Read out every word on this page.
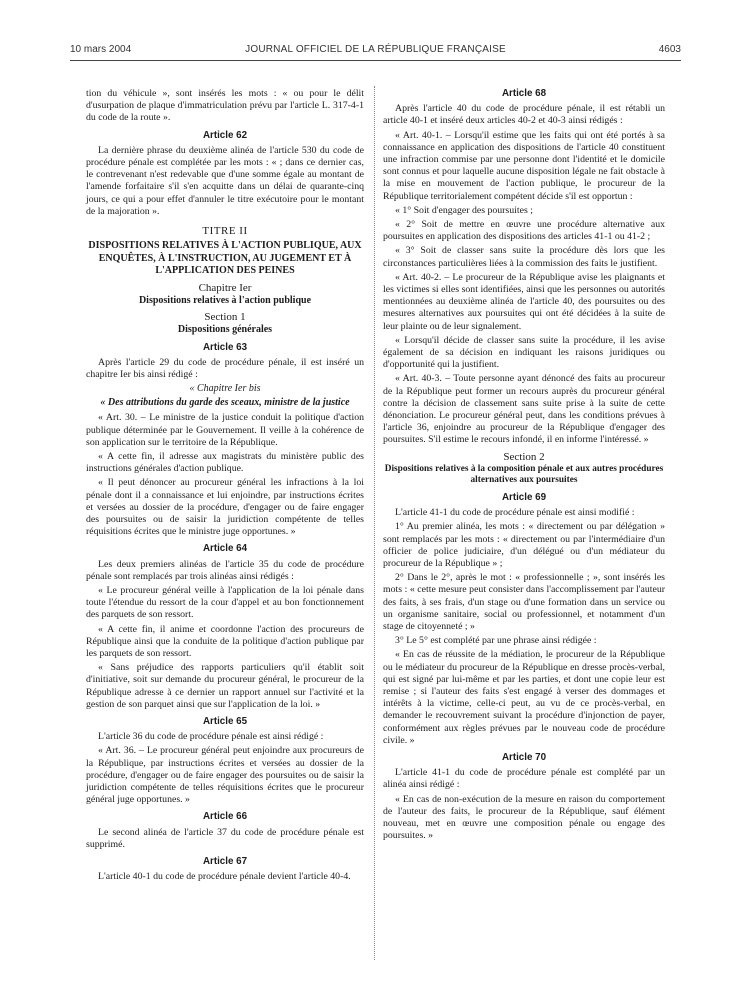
10 mars 2004	JOURNAL OFFICIEL DE LA RÉPUBLIQUE FRANÇAISE	4603

tion du véhicule », sont insérés les mots : « ou pour le délit d'usurpation de plaque d'immatriculation prévu par l'article L. 317-4-1 du code de la route ».

Article 62

La dernière phrase du deuxième alinéa de l'article 530 du code de procédure pénale est complétée par les mots : « ; dans ce dernier cas, le contrevenant n'est redevable que d'une somme égale au montant de l'amende forfaitaire s'il s'en acquitte dans un délai de quarante-cinq jours, ce qui a pour effet d'annuler le titre exécutoire pour le montant de la majoration ».

TITRE II
DISPOSITIONS RELATIVES À L'ACTION PUBLIQUE, AUX ENQUÊTES, À L'INSTRUCTION, AU JUGEMENT ET À L'APPLICATION DES PEINES
Chapitre Ier
Dispositions relatives à l'action publique
Section 1
Dispositions générales
Article 63

Après l'article 29 du code de procédure pénale, il est inséré un chapitre Ier bis ainsi rédigé :

« Chapitre Ier bis
« Des attributions du garde des sceaux, ministre de la justice

« Art. 30. – Le ministre de la justice conduit la politique d'action publique déterminée par le Gouvernement. Il veille à la cohérence de son application sur le territoire de la République.

« A cette fin, il adresse aux magistrats du ministère public des instructions générales d'action publique.

« Il peut dénoncer au procureur général les infractions à la loi pénale dont il a connaissance et lui enjoindre, par instructions écrites et versées au dossier de la procédure, d'engager ou de faire engager des poursuites ou de saisir la juridiction compétente de telles réquisitions écrites que le ministre juge opportunes. »

Article 64

Les deux premiers alinéas de l'article 35 du code de procédure pénale sont remplacés par trois alinéas ainsi rédigés :

« Le procureur général veille à l'application de la loi pénale dans toute l'étendue du ressort de la cour d'appel et au bon fonctionnement des parquets de son ressort.

« A cette fin, il anime et coordonne l'action des procureurs de République ainsi que la conduite de la politique d'action publique par les parquets de son ressort.

« Sans préjudice des rapports particuliers qu'il établit soit d'initiative, soit sur demande du procureur général, le procureur de la République adresse à ce dernier un rapport annuel sur l'activité et la gestion de son parquet ainsi que sur l'application de la loi. »

Article 65

L'article 36 du code de procédure pénale est ainsi rédigé :

« Art. 36. – Le procureur général peut enjoindre aux procureurs de la République, par instructions écrites et versées au dossier de la procédure, d'engager ou de faire engager des poursuites ou de saisir la juridiction compétente de telles réquisitions écrites que le procureur général juge opportunes. »

Article 66

Le second alinéa de l'article 37 du code de procédure pénale est supprimé.

Article 67

L'article 40-1 du code de procédure pénale devient l'article 40-4.

Article 68

Après l'article 40 du code de procédure pénale, il est rétabli un article 40-1 et inséré deux articles 40-2 et 40-3 ainsi rédigés :

« Art. 40-1. – Lorsqu'il estime que les faits qui ont été portés à sa connaissance en application des dispositions de l'article 40 constituent une infraction commise par une personne dont l'identité et le domicile sont connus et pour laquelle aucune disposition légale ne fait obstacle à la mise en mouvement de l'action publique, le procureur de la République territorialement compétent décide s'il est opportun :

« 1° Soit d'engager des poursuites ;

« 2° Soit de mettre en œuvre une procédure alternative aux poursuites en application des dispositions des articles 41-1 ou 41-2 ;

« 3° Soit de classer sans suite la procédure dès lors que les circonstances particulières liées à la commission des faits le justifient.

« Art. 40-2. – Le procureur de la République avise les plaignants et les victimes si elles sont identifiées, ainsi que les personnes ou autorités mentionnées au deuxième alinéa de l'article 40, des poursuites ou des mesures alternatives aux poursuites qui ont été décidées à la suite de leur plainte ou de leur signalement.

« Lorsqu'il décide de classer sans suite la procédure, il les avise également de sa décision en indiquant les raisons juridiques ou d'opportunité qui la justifient.

« Art. 40-3. – Toute personne ayant dénoncé des faits au procureur de la République peut former un recours auprès du procureur général contre la décision de classement sans suite prise à la suite de cette dénonciation. Le procureur général peut, dans les conditions prévues à l'article 36, enjoindre au procureur de la République d'engager des poursuites. S'il estime le recours infondé, il en informe l'intéressé. »

Section 2
Dispositions relatives à la composition pénale et aux autres procédures alternatives aux poursuites
Article 69

L'article 41-1 du code de procédure pénale est ainsi modifié :

1° Au premier alinéa, les mots : « directement ou par délégation » sont remplacés par les mots : « directement ou par l'intermédiaire d'un officier de police judiciaire, d'un délégué ou d'un médiateur du procureur de la République » ;

2° Dans le 2°, après le mot : « professionnelle ; », sont insérés les mots : « cette mesure peut consister dans l'accomplissement par l'auteur des faits, à ses frais, d'un stage ou d'une formation dans un service ou un organisme sanitaire, social ou professionnel, et notamment d'un stage de citoyenneté ; »

3° Le 5° est complété par une phrase ainsi rédigée :

« En cas de réussite de la médiation, le procureur de la République ou le médiateur du procureur de la République en dresse procès-verbal, qui est signé par lui-même et par les parties, et dont une copie leur est remise ; si l'auteur des faits s'est engagé à verser des dommages et intérêts à la victime, celle-ci peut, au vu de ce procès-verbal, en demander le recouvrement suivant la procédure d'injonction de payer, conformément aux règles prévues par le nouveau code de procédure civile. »

Article 70

L'article 41-1 du code de procédure pénale est complété par un alinéa ainsi rédigé :

« En cas de non-exécution de la mesure en raison du comportement de l'auteur des faits, le procureur de la République, sauf élément nouveau, met en œuvre une composition pénale ou engage des poursuites. »
